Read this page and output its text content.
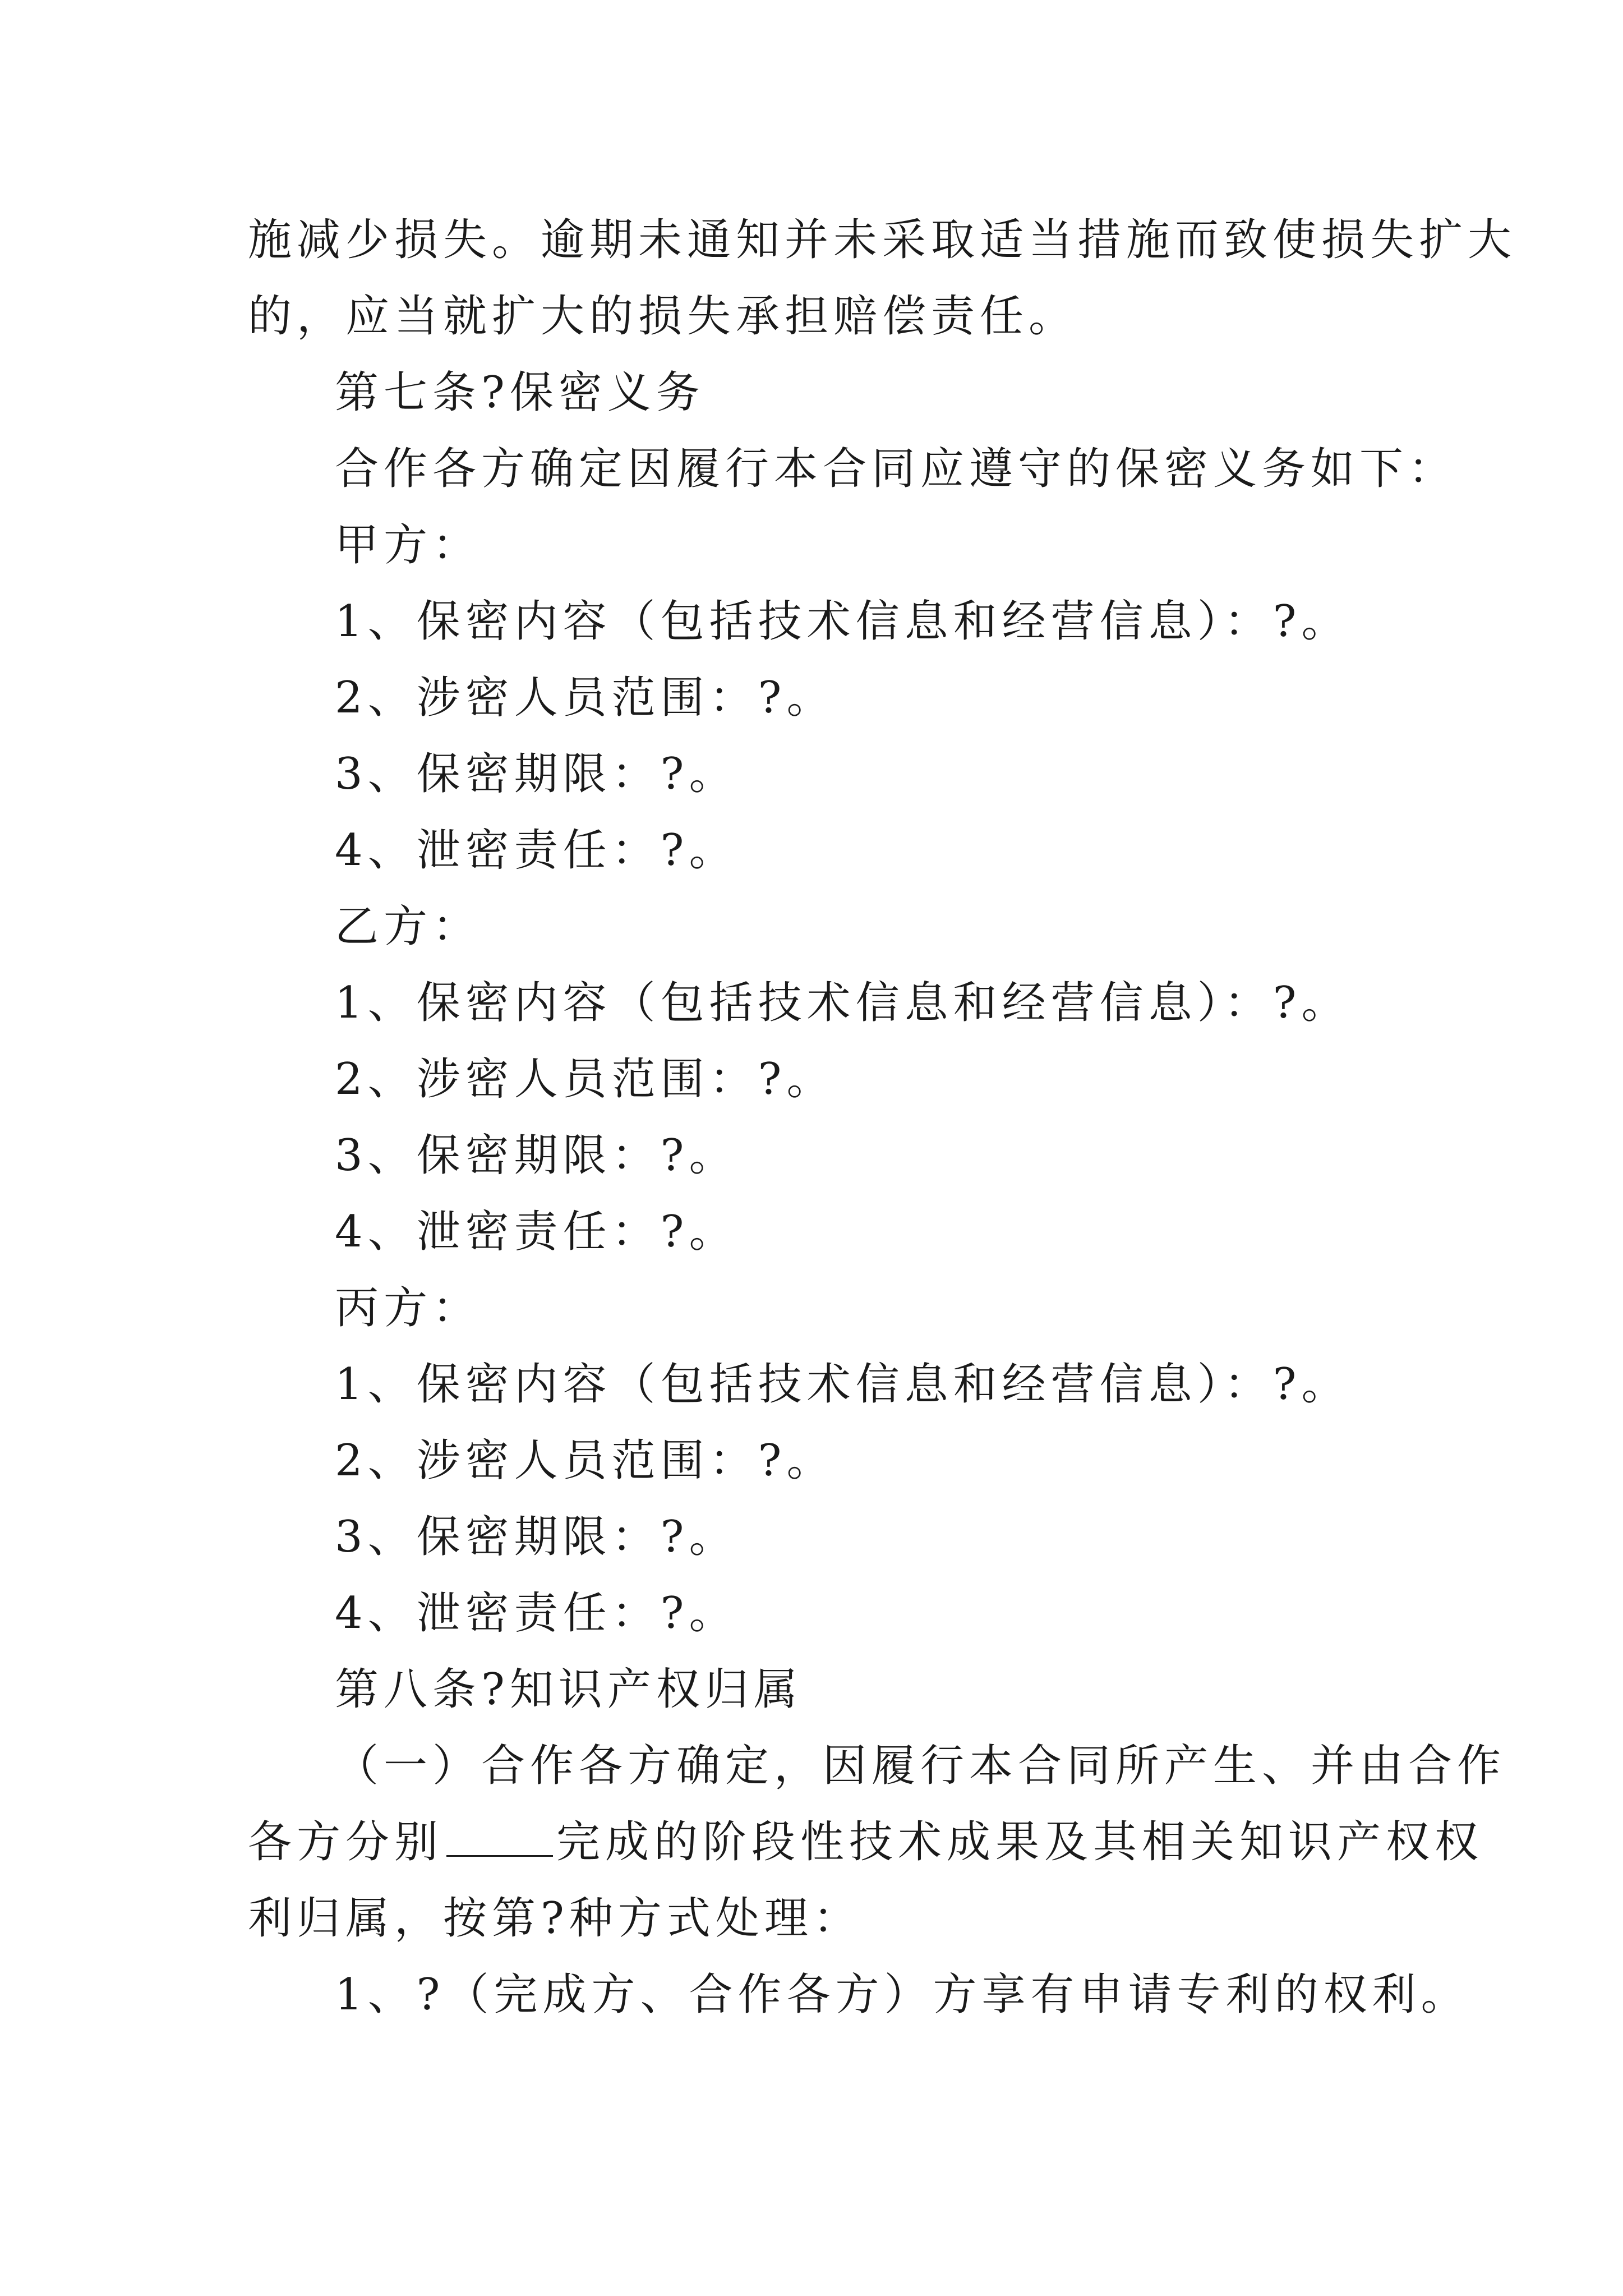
施减少损失。逾期未通知并未采取适当措施而致使损失扩大
的，应当就扩大的损失承担赔偿责任。
第七条?保密义务
合作各方确定因履行本合同应遵守的保密义务如下：
甲方：
1、保密内容（包括技术信息和经营信息）：?。
2、涉密人员范围：?。
3、保密期限：?。
4、泄密责任：?。
乙方：
1、保密内容（包括技术信息和经营信息）：?。
2、涉密人员范围：?。
3、保密期限：?。
4、泄密责任：?。
丙方：
1、保密内容（包括技术信息和经营信息）：?。
2、涉密人员范围：?。
3、保密期限：?。
4、泄密责任：?。
第八条?知识产权归属
（一）合作各方确定，因履行本合同所产生、并由合作
各方分别	完成的阶段性技术成果及其相关知识产权权
利归属，按第?种方式处理：
1、?（完成方、合作各方）方享有申请专利的权利。
